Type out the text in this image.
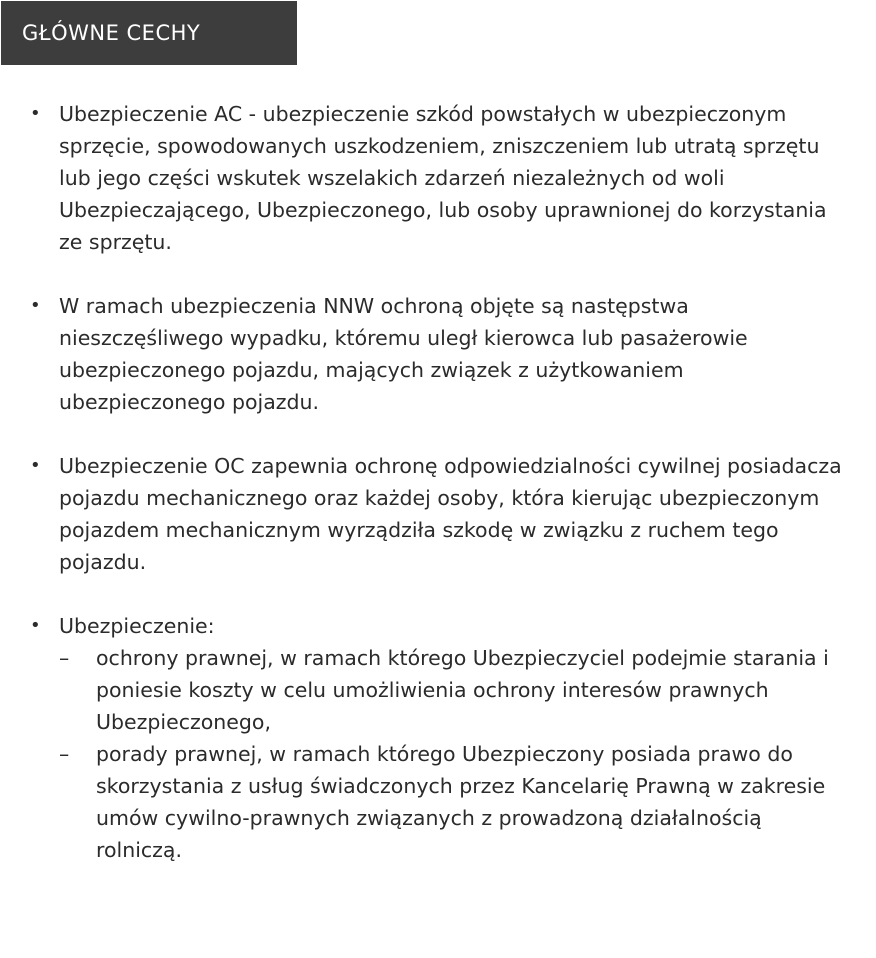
GŁÓWNE CECHY
• Ubezpieczenie AC - ubezpieczenie szkód powstałych w ubezpieczonym sprzęcie, spowodowanych uszkodzeniem, zniszczeniem lub utratą sprzętu lub jego części wskutek wszelakich zdarzeń niezależnych od woli Ubezpieczającego, Ubezpieczonego, lub osoby uprawnionej do korzystania ze sprzętu.
• W ramach ubezpieczenia NNW ochroną objęte są następstwa nieszczęśliwego wypadku, któremu uległ kierowca lub pasażerowie ubezpieczonego pojazdu, mających związek z użytkowaniem ubezpieczonego pojazdu.
• Ubezpieczenie OC zapewnia ochronę odpowiedzialności cywilnej posiadacza pojazdu mechanicznego oraz każdej osoby, która kierując ubezpieczonym pojazdem mechanicznym wyrządziła szkodę w związku z ruchem tego pojazdu.
• Ubezpieczenie:
– ochrony prawnej, w ramach którego Ubezpieczyciel podejmie starania i poniesie koszty w celu umożliwienia ochrony interesów prawnych Ubezpieczonego,
– porady prawnej, w ramach którego Ubezpieczony posiada prawo do skorzystania z usług świadczonych przez Kancelarię Prawną w zakresie umów cywilno-prawnych związanych z prowadzoną działalnością rolniczą.
